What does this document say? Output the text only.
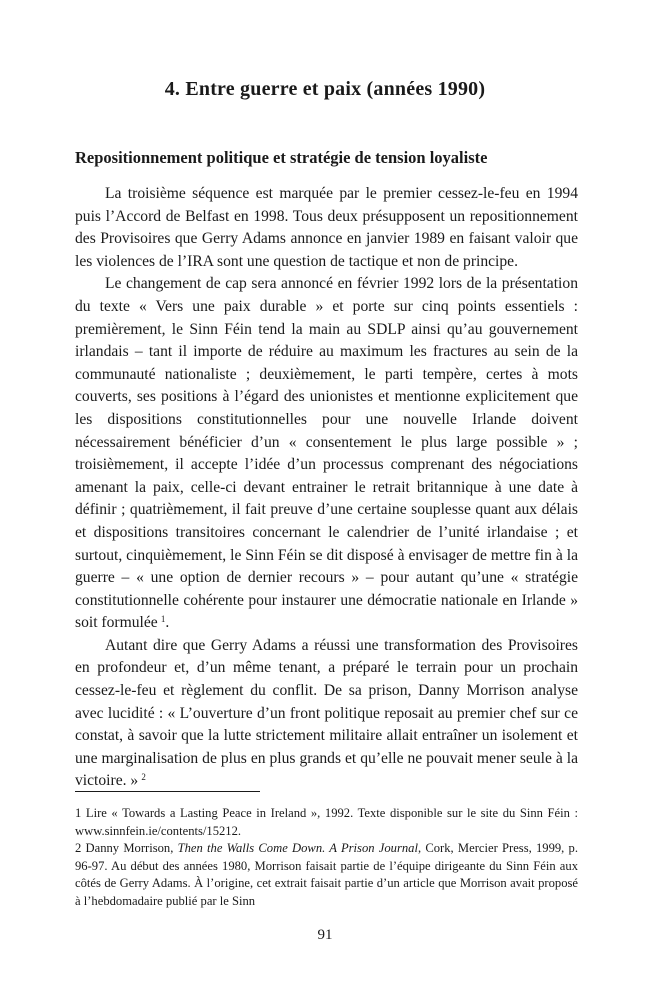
4. Entre guerre et paix (années 1990)
Repositionnement politique et stratégie de tension loyaliste

La troisième séquence est marquée par le premier cessez-le-feu en 1994 puis l’Accord de Belfast en 1998. Tous deux présupposent un repositionnement des Provisoires que Gerry Adams annonce en janvier 1989 en faisant valoir que les violences de l’IRA sont une question de tactique et non de principe.

Le changement de cap sera annoncé en février 1992 lors de la présentation du texte « Vers une paix durable » et porte sur cinq points essentiels : premièrement, le Sinn Féin tend la main au SDLP ainsi qu’au gouvernement irlandais – tant il importe de réduire au maximum les fractures au sein de la communauté nationaliste ; deuxièmement, le parti tempère, certes à mots couverts, ses positions à l’égard des unionistes et mentionne explicitement que les dispositions constitutionnelles pour une nouvelle Irlande doivent nécessairement bénéficier d’un « consentement le plus large possible » ; troisièmement, il accepte l’idée d’un processus comprenant des négociations amenant la paix, celle-ci devant entrainer le retrait britannique à une date à définir ; quatrièmement, il fait preuve d’une certaine souplesse quant aux délais et dispositions transitoires concernant le calendrier de l’unité irlandaise ; et surtout, cinquièmement, le Sinn Féin se dit disposé à envisager de mettre fin à la guerre – « une option de dernier recours » – pour autant qu’une « stratégie constitutionnelle cohérente pour instaurer une démocratie nationale en Irlande » soit formulée  $^1$.

Autant dire que Gerry Adams a réussi une transformation des Provisoires en profondeur et, d’un même tenant, a préparé le terrain pour un prochain cessez-le-feu et règlement du conflit. De sa prison, Danny Morrison analyse avec lucidité : « L’ouverture d’un front politique reposait au premier chef sur ce constat, à savoir que la lutte strictement militaire allait entraîner un isolement et une marginalisation de plus en plus grands et qu’elle ne pouvait mener seule à la victoire. »  $^2$

1 Lire « Towards a Lasting Peace in Ireland », 1992. Texte disponible sur le site du Sinn Féin : www.sinnfein.ie/contents/15212.

2 Danny Morrison, Then the Walls Come Down. A Prison Journal, Cork, Mercier Press, 1999, p. 96-97. Au début des années 1980, Morrison faisait partie de l’équipe dirigeante du Sinn Féin aux côtés de Gerry Adams. À l’origine, cet extrait faisait partie d’un article que Morrison avait proposé à l’hebdomadaire publié par le Sinn

91
